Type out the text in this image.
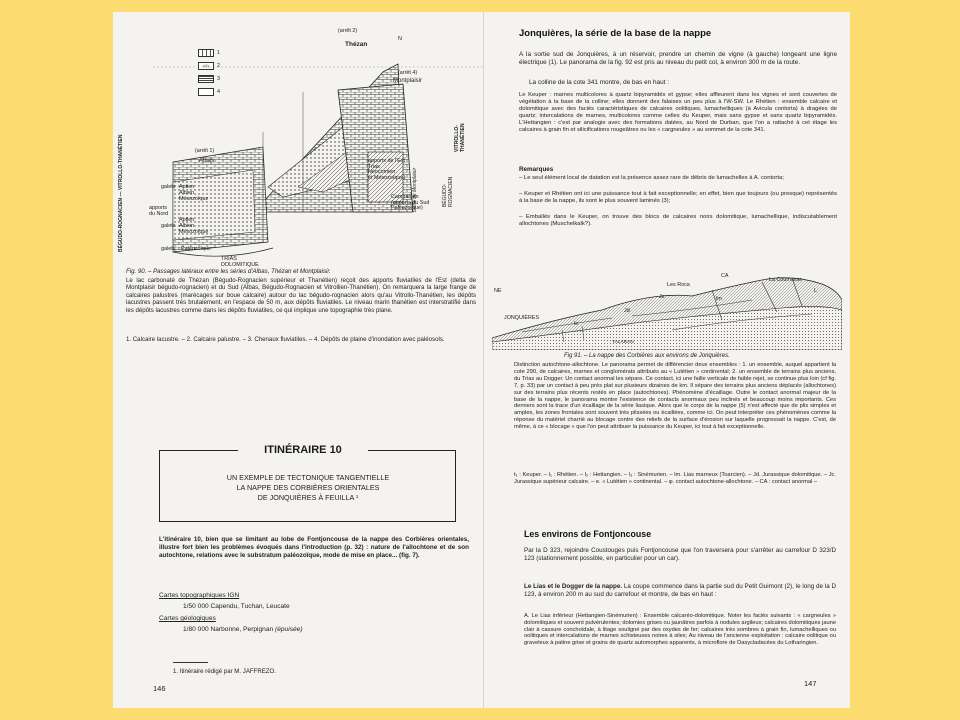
(cl)
1
2
3
4
(arrêt 2)
Thézan
N
(arrêt 4)
Montplaisir
(arrêt 1)
Albas
BÉGUDO-ROGNACIEN — VITROLLO-THANÉTIEN	galets Aptien
Albien
Mésozoïque
apports
du Nord
galets
Aptien
Albien
Mésozoïque
galets Paléozoïque
TRIAS
DOLOMITIQUE
VITROLLO-
THANÉTIEN
BÉGUDO-
ROGNACIEN
Delta de Montplaisir
apports de l'Est
Trias
Néocomien
et Mésozoïque)
Campanien
(apports du Sud
Paléozoïque)
Fig. 90. – Passages latéraux entre les séries d'Albas, Thézan et Montplaisir.
Le lac carbonaté de Thézan (Bégudo-Rognacien supérieur et Thanétien) reçoit des apports fluviatiles de l'Est (delta de Montplaisir bégudo-rognacien) et du Sud (Albas, Bégudo-Rognacien et Vitrollien-Thanétien). On remarquera la large frange de calcaires palustres (marécages sur boue calcaire) autour du lac bégudo-rognacien alors qu'au Vitrollo-Thanétien, les dépôts lacustres passent très brutalement, en l'espace de 50 m, aux dépôts fluviatiles. Le niveau marin thanétien est interstratifié dans les dépôts lacustres comme dans les dépôts fluviatiles, ce qui implique une topographie très plane.
1. Calcaire lacustre. – 2. Calcaire palustre. – 3. Chenaux fluviatiles. – 4. Dépôts de plaine d'inondation avec paléosols.
ITINÉRAIRE 10
UN EXEMPLE DE TECTONIQUE TANGENTIELLE
LA NAPPE DES CORBIÈRES ORIENTALES
DE JONQUIÈRES À FEUILLA ¹
L'itinéraire 10, bien que se limitant au lobe de Fontjoncouse de la nappe des Corbières orientales, illustre fort bien les problèmes évoqués dans l'introduction (p. 32) : nature de l'allochtone et de son autochtone, relations avec le substratum paléozoïque, mode de mise en place... (fig. 7).
Cartes topographiques IGN
1/50 000 Capendu, Tuchan, Leucate
Cartes géologiques
1/80 000 Narbonne, Perpignan (épuisée)
1. Itinéraire rédigé par M. JAFFREZO.
146
Jonquières, la série de la base de la nappe
A la sortie sud de Jonquières, à un réservoir, prendre un chemin de vigne (à gauche) longeant une ligne électrique (1). Le panorama de la fig. 92 est pris au niveau du petit col, à environ 300 m de la route.
La colline de la cote 341 montre, de bas en haut :
Le Keuper : marnes multicolores à quartz bipyramidés et gypse; elles affleurent dans les vignes et sont couvertes de végétation à la base de la colline; elles donnent des falaises un peu plus à l'W-SW. Le Rhétien : ensemble calcaire et dolomitique avec des faciès caractéristiques de calcaires oolitiques, lumachelliques (à Avicula contorta) à dragées de quartz; intercalations de marnes, multicolores comme celles du Keuper, mais sans gypse et sans quartz bipyramidés. L'Hettangien : c'est par analogie avec des formations datées, au Nord de Durban, que l'on a rattaché à cet étage les calcaires à grain fin et silicifications rougeâtres ou les « cargneules » au sommet de la cote 341.
Remarques
– Le seul élément local de datation est la présence assez rare de débris de lumachelles à A. contorta;
– Keuper et Rhétien ont ici une puissance tout à fait exceptionnelle; en effet, bien que toujours (ou presque) représentés à la base de la nappe, ils sont le plus souvent laminés (3);
– Emballés dans le Keuper, on trouve des blocs de calcaires noirs dolomitique, lumachellique, indiscutablement allochtones (Muschelkalk?).
NE
Les Roca
La Coumasse
CA
JONQUIÈRES
TALARAN
Jd
Jc	lm
le
L
Fig 91. – La nappe des Corbières aux environs de Jonquières.
Distinction autochtone-allochtone. Le panorama permet de différencier deux ensembles : 1. un ensemble, auquel appartient la cote 290, de calcaires, marnes et conglomérats attribués au « Lutétien » continental; 2. un ensemble de terrains plus anciens, du Trias au Dogger. Un contact anormal les sépare. Ce contact, ici une faille verticale de faible rejet, se continue plus loin (cf fig. 7, p. 33) par un contact à peu près plat sur plusieurs dizaines de km. Il sépare des terrains plus anciens déplacés (allochtones) sur des terrains plus récents restés en place (autochtones). Phénomène d'écaillage. Outre le contact anormal majeur de la base de la nappe, le panorama montre l'existence de contacts anormaux peu inclinés et beaucoup moins importants. Ces derniers sont la trace d'un écaillage de la série liasique. Alors que le corps de la nappe (5) n'est affecté que de plis simples et amples, les zones frontales sont souvent très plissées ou écaillées, comme ici. On peut interpréter ces phénomènes comme la réponse du matériel charrié au blocage contre des reliefs de la surface d'érosion sur laquelle progressait la nappe. C'est, de même, à ce « blocage » que l'on peut attribuer la puissance du Keuper, ici tout à fait exceptionnelle.
t₁ : Keuper. – l₁ : Rhétien. – l₂ : Hettangien. – l₃ : Sinémurien. – lm. Lias marneux (Toarcien). – Jd. Jurassique dolomitique. – Jc. Jurassique supérieur calcaire. – e. « Lutétien » continental. – φ. contact autochtone-allochtone. – CA : contact anormal –
Les environs de Fontjoncouse
Par la D 323, rejoindre Coustouges puis Fontjoncouse que l'on traversera pour s'arrêter au carrefour D 323/D 123 (stationnement possible, en particulier pour un car).
Le Lias et le Dogger de la nappe. La coupe commence dans la partie sud du Petit Guimont (2), le long de la D 123, à environ 200 m au sud du carrefour et montre, de bas en haut :
A. Le Lias inférieur (Hettangien-Sinémurien) : Ensemble calcaréo-dolomitique. Noter les faciès suivants : « cargneules » dolomitiques et souvent pulvérulentes; dolomies grises ou jaunâtres parfois à nodules argileux; calcaires dolomitiques jaune clair à cassure conchoïdale, à litage souligné par des oxydes de fer; calcaires très sombres à grain fin, lumachelliques ou oolitiques et intercalations de marnes schisteuses noires à silex; Au niveau de l'ancienne exploitation : calcaire oolitique ou graveleux à patine grise et grains de quartz automorphes apparents, à microflore de Dasycladacées du Lotharingien.
147
